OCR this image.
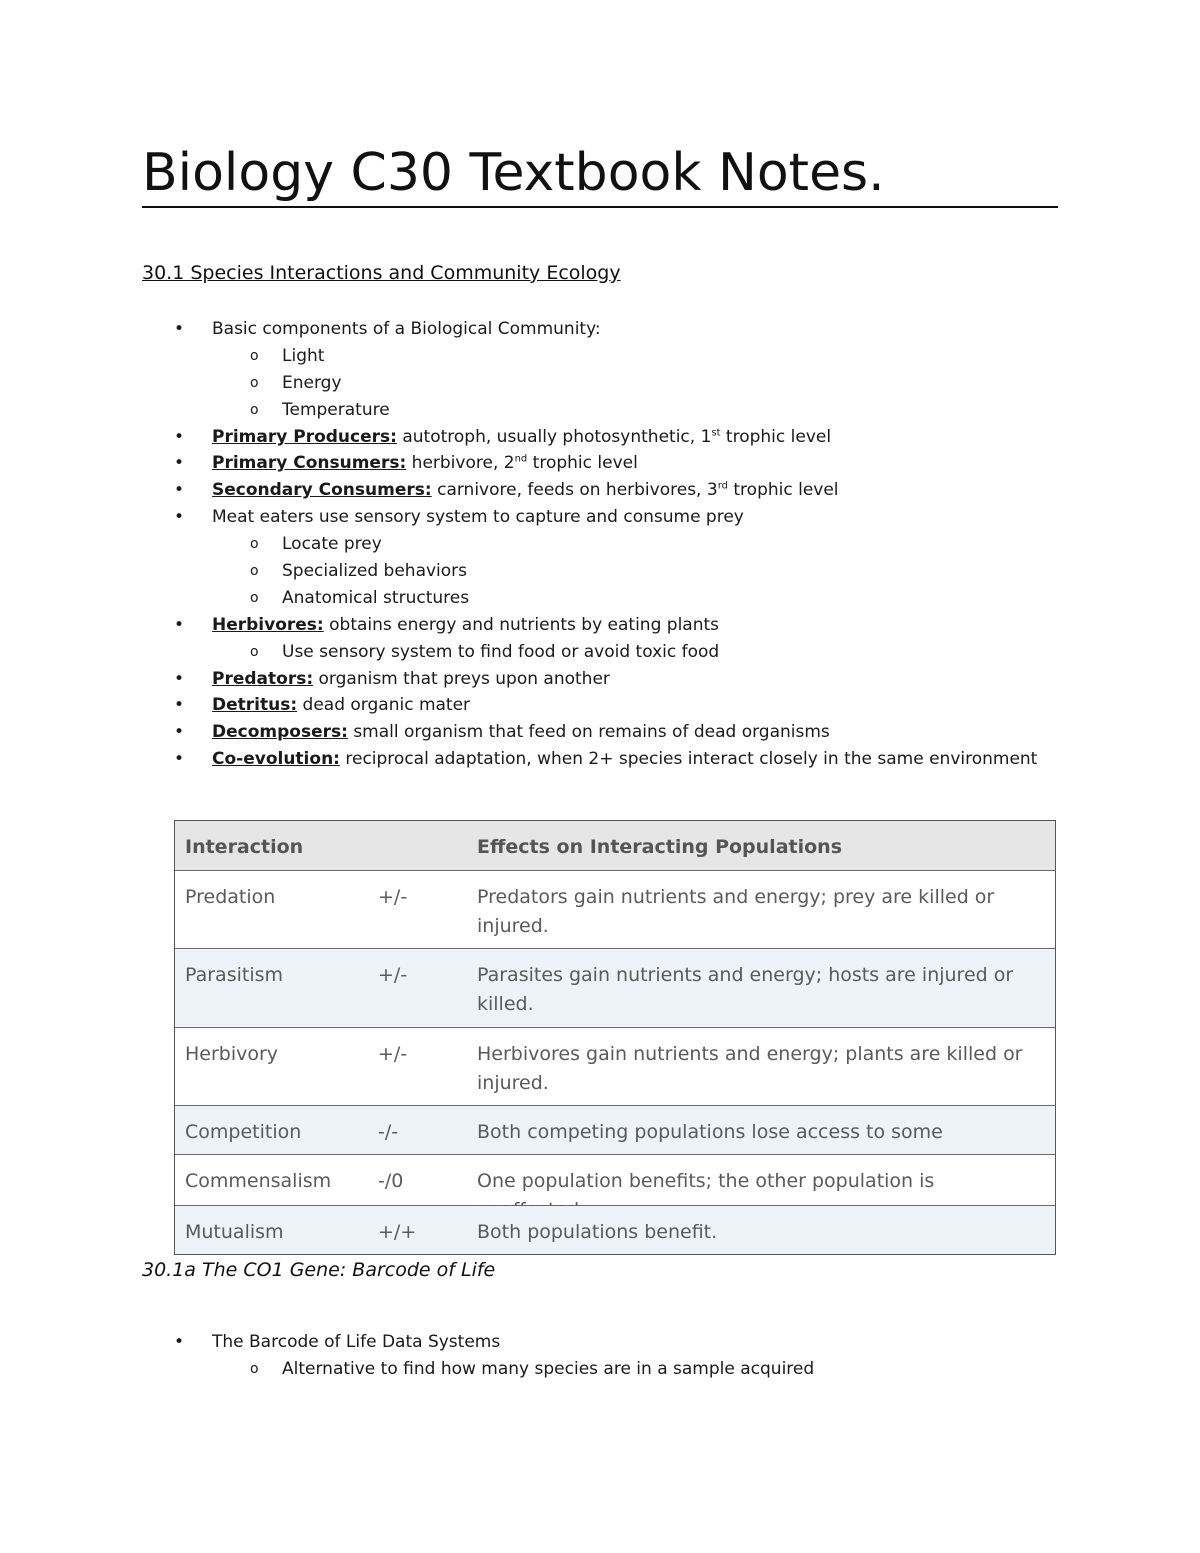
Biology C30 Textbook Notes.
30.1 Species Interactions and Community Ecology
• Basic components of a Biological Community:
o Light
o Energy
o Temperature
• Primary Producers: autotroph, usually photosynthetic, 1st trophic level
• Primary Consumers: herbivore, 2nd trophic level
• Secondary Consumers: carnivore, feeds on herbivores, 3rd trophic level
• Meat eaters use sensory system to capture and consume prey
o Locate prey
o Specialized behaviors
o Anatomical structures
• Herbivores: obtains energy and nutrients by eating plants
o Use sensory system to find food or avoid toxic food
• Predators: organism that preys upon another
• Detritus: dead organic mater
• Decomposers: small organism that feed on remains of dead organisms
• Co-evolution: reciprocal adaptation, when 2+ species interact closely in the same environment
Interaction	Effects on Interacting Populations
Predation	+/-	Predators gain nutrients and energy; prey are killed or injured.
Parasitism	+/-	Parasites gain nutrients and energy; hosts are injured or killed.
Herbivory	+/-	Herbivores gain nutrients and energy; plants are killed or injured.
Competition	-/-	Both competing populations lose access to some
Commensalism -/0	One population benefits; the other population is
Mutualism	+/+	Both populations benefit.
30.1a The CO1 Gene: Barcode of Life
• The Barcode of Life Data Systems
o Alternative to find how many species are in a sample acquired
